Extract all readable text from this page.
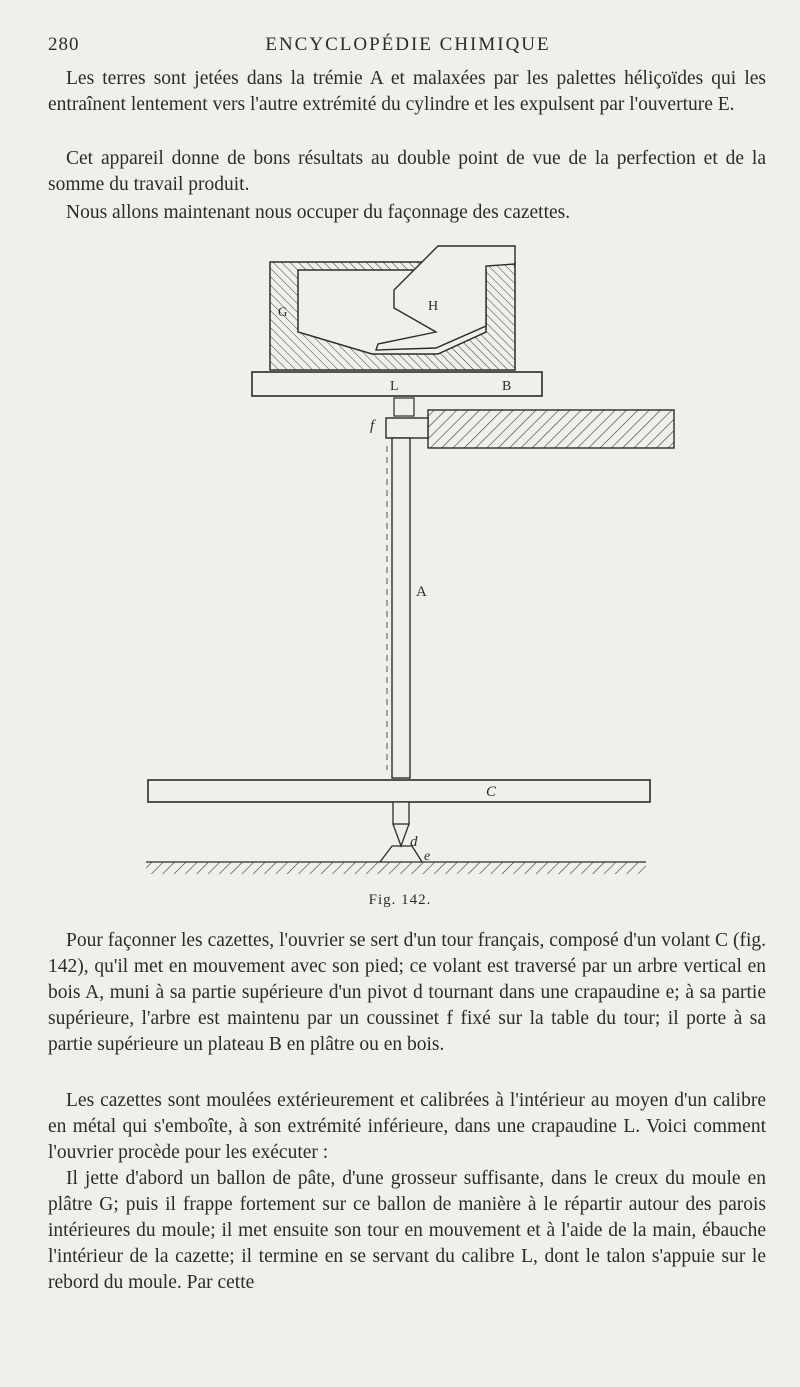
280	ENCYCLOPÉDIE CHIMIQUE

Les terres sont jetées dans la trémie A et malaxées par les palettes héliçoïdes qui les entraînent lentement vers l'autre extrémité du cylindre et les expulsent par l'ouverture E.

Cet appareil donne de bons résultats au double point de vue de la perfection et de la somme du travail produit.

Nous allons maintenant nous occuper du façonnage des cazettes.

G	H
L	B
f
A
C
d
e
Fig. 142.

Pour façonner les cazettes, l'ouvrier se sert d'un tour français, composé d'un volant C (fig. 142), qu'il met en mouvement avec son pied; ce volant est traversé par un arbre vertical en bois A, muni à sa partie supérieure d'un pivot d tournant dans une crapaudine e; à sa partie supérieure, l'arbre est maintenu par un coussinet f fixé sur la table du tour; il porte à sa partie supérieure un plateau B en plâtre ou en bois.

Les cazettes sont moulées extérieurement et calibrées à l'intérieur au moyen d'un calibre en métal qui s'emboîte, à son extrémité inférieure, dans une crapaudine L. Voici comment l'ouvrier procède pour les exécuter :

Il jette d'abord un ballon de pâte, d'une grosseur suffisante, dans le creux du moule en plâtre G; puis il frappe fortement sur ce ballon de manière à le répartir autour des parois intérieures du moule; il met ensuite son tour en mouvement et à l'aide de la main, ébauche l'intérieur de la cazette; il termine en se servant du calibre L, dont le talon s'appuie sur le rebord du moule. Par cette
